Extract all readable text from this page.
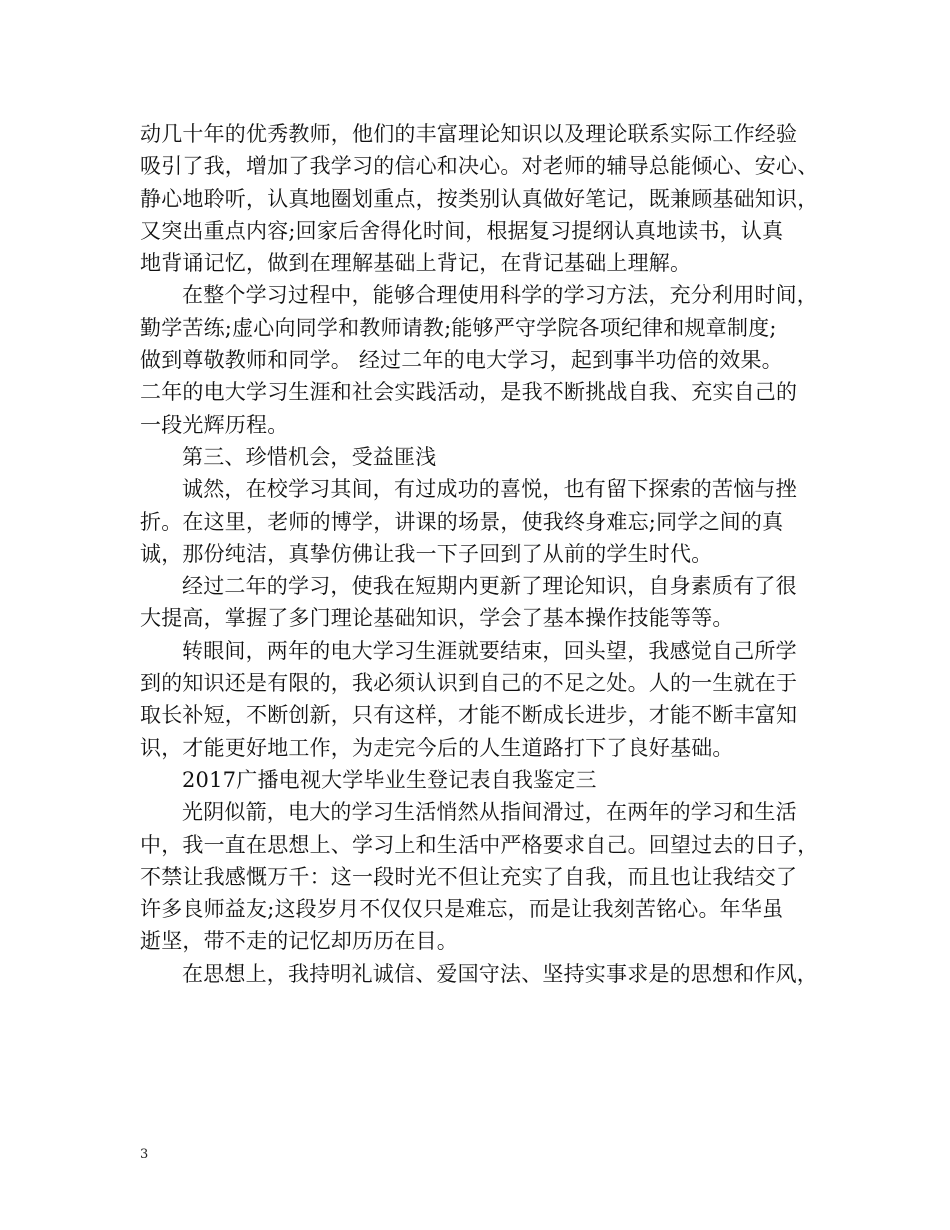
动几十年的优秀教师，他们的丰富理论知识以及理论联系实际工作经验
吸引了我，增加了我学习的信心和决心。对老师的辅导总能倾心、安心、
静心地聆听，认真地圈划重点，按类别认真做好笔记，既兼顾基础知识，
又突出重点内容;回家后舍得化时间，根据复习提纲认真地读书，认真
地背诵记忆，做到在理解基础上背记，在背记基础上理解。
在整个学习过程中，能够合理使用科学的学习方法，充分利用时间，
勤学苦练;虚心向同学和教师请教;能够严守学院各项纪律和规章制度;
做到尊敬教师和同学。 经过二年的电大学习，起到事半功倍的效果。
二年的电大学习生涯和社会实践活动，是我不断挑战自我、充实自己的
一段光辉历程。
第三、珍惜机会，受益匪浅
诚然，在校学习其间，有过成功的喜悦，也有留下探索的苦恼与挫
折。在这里，老师的博学，讲课的场景，使我终身难忘;同学之间的真
诚，那份纯洁，真挚仿佛让我一下子回到了从前的学生时代。
经过二年的学习，使我在短期内更新了理论知识，自身素质有了很
大提高，掌握了多门理论基础知识，学会了基本操作技能等等。
转眼间，两年的电大学习生涯就要结束，回头望，我感觉自己所学
到的知识还是有限的，我必须认识到自己的不足之处。人的一生就在于
取长补短，不断创新，只有这样，才能不断成长进步，才能不断丰富知
识，才能更好地工作，为走完今后的人生道路打下了良好基础。
2017广播电视大学毕业生登记表自我鉴定三
光阴似箭，电大的学习生活悄然从指间滑过，在两年的学习和生活
中，我一直在思想上、学习上和生活中严格要求自己。回望过去的日子，
不禁让我感慨万千：这一段时光不但让充实了自我，而且也让我结交了
许多良师益友;这段岁月不仅仅只是难忘，而是让我刻苦铭心。年华虽
逝坚，带不走的记忆却历历在目。
在思想上，我持明礼诚信、爱国守法、坚持实事求是的思想和作风，
3
